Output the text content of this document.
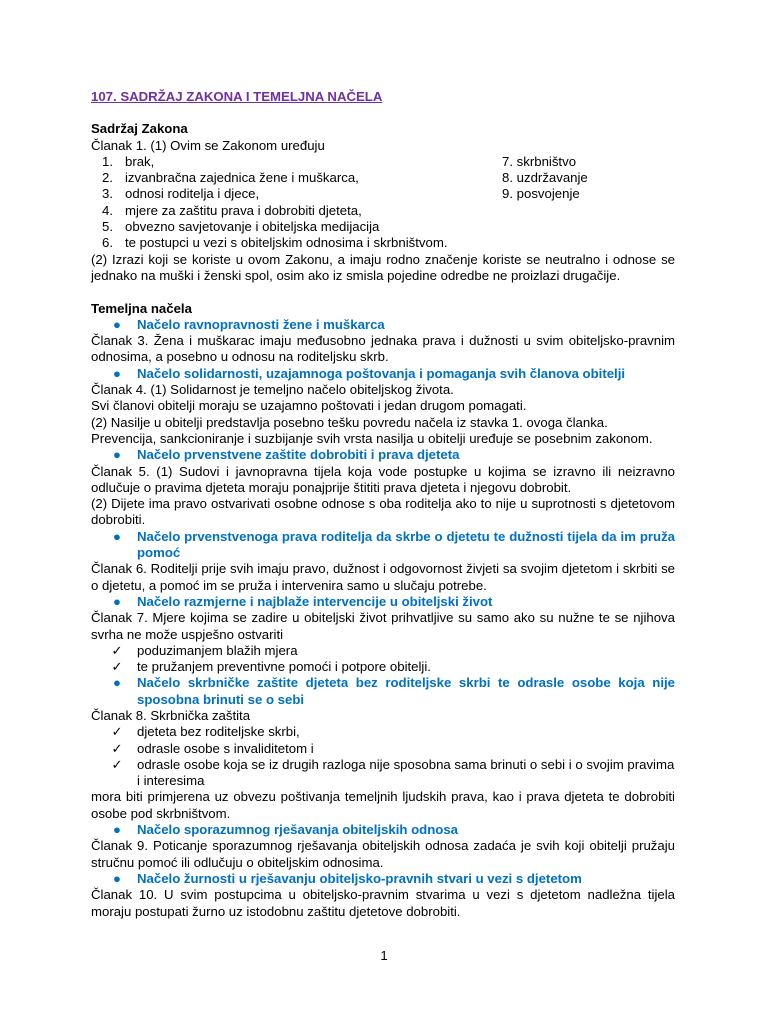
107. SADRŽAJ ZAKONA I TEMELJNA NAČELA

Sadržaj Zakona

Članak 1. (1) Ovim se Zakonom uređuju

1. brak,
2. izvanbračna zajednica žene i muškarca,
3. odnosi roditelja i djece,
4. mjere za zaštitu prava i dobrobiti djeteta,
5. obvezno savjetovanje i obiteljska medijacija
6. te postupci u vezi s obiteljskim odnosima i skrbništvom.
7. skrbništvo
8. uzdržavanje
9. posvojenje

(2) Izrazi koji se koriste u ovom Zakonu, a imaju rodno značenje koriste se neutralno i odnose se jednako na muški i ženski spol, osim ako iz smisla pojedine odredbe ne proizlazi drugačije.

Temeljna načela

●	Načelo ravnopravnosti žene i muškarca

Članak 3. Žena i muškarac imaju međusobno jednaka prava i dužnosti u svim obiteljsko-pravnim odnosima, a posebno u odnosu na roditeljsku skrb.

●	Načelo solidarnosti, uzajamnoga poštovanja i pomaganja svih članova obitelji

Članak 4. (1) Solidarnost je temeljno načelo obiteljskog života.

Svi članovi obitelji moraju se uzajamno poštovati i jedan drugom pomagati.

(2) Nasilje u obitelji predstavlja posebno tešku povredu načela iz stavka 1. ovoga članka.

Prevencija, sankcioniranje i suzbijanje svih vrsta nasilja u obitelji uređuje se posebnim zakonom.

●	Načelo prvenstvene zaštite dobrobiti i prava djeteta

Članak 5. (1) Sudovi i javnopravna tijela koja vode postupke u kojima se izravno ili neizravno odlučuje o pravima djeteta moraju ponajprije štititi prava djeteta i njegovu dobrobit.

(2) Dijete ima pravo ostvarivati osobne odnose s oba roditelja ako to nije u suprotnosti s djetetovom dobrobiti.

●	Načelo prvenstvenoga prava roditelja da skrbe o djetetu te dužnosti tijela da im pruža pomoć

Članak 6. Roditelji prije svih imaju pravo, dužnost i odgovornost živjeti sa svojim djetetom i skrbiti se o djetetu, a pomoć im se pruža i intervenira samo u slučaju potrebe.

●	Načelo razmjerne i najblaže intervencije u obiteljski život

Članak 7. Mjere kojima se zadire u obiteljski život prihvatljive su samo ako su nužne te se njihova svrha ne može uspješno ostvariti

✓	poduzimanjem blažih mjera
✓	te pružanjem preventivne pomoći i potpore obitelji.
●	Načelo skrbničke zaštite djeteta bez roditeljske skrbi te odrasle osobe koja nije sposobna brinuti se o sebi

Članak 8. Skrbnička zaštita

✓	djeteta bez roditeljske skrbi,
✓	odrasle osobe s invaliditetom i
✓	odrasle osobe koja se iz drugih razloga nije sposobna sama brinuti o sebi i o svojim pravima i interesima

mora biti primjerena uz obvezu poštivanja temeljnih ljudskih prava, kao i prava djeteta te dobrobiti osobe pod skrbništvom.

●	Načelo sporazumnog rješavanja obiteljskih odnosa

Članak 9. Poticanje sporazumnog rješavanja obiteljskih odnosa zadaća je svih koji obitelji pružaju stručnu pomoć ili odlučuju o obiteljskim odnosima.

●	Načelo žurnosti u rješavanju obiteljsko-pravnih stvari u vezi s djetetom

Članak 10. U svim postupcima u obiteljsko-pravnim stvarima u vezi s djetetom nadležna tijela moraju postupati žurno uz istodobnu zaštitu djetetove dobrobiti.

1
